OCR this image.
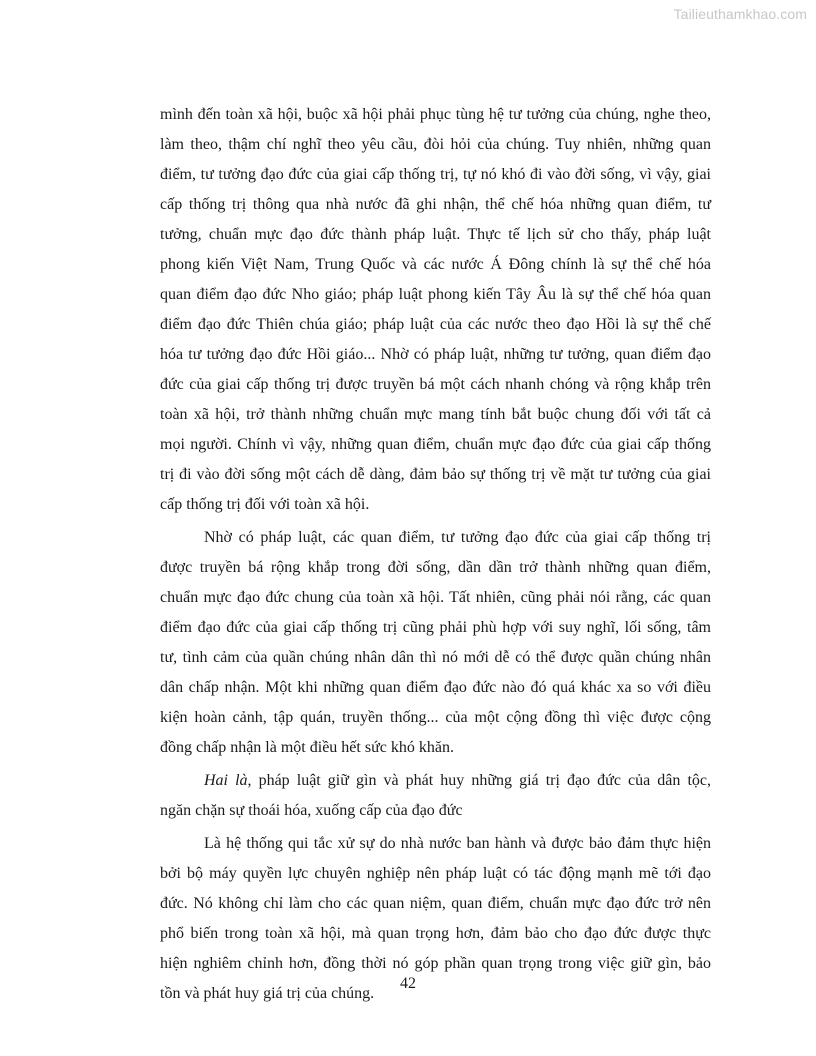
Tailieuthamkhao.com
mình đến toàn xã hội, buộc xã hội phải phục tùng hệ tư tưởng của chúng, nghe theo,
làm theo, thậm chí nghĩ theo yêu cầu, đòi hỏi của chúng. Tuy nhiên, những quan
điểm, tư tưởng đạo đức của giai cấp thống trị, tự nó khó đi vào đời sống, vì vậy, giai
cấp thống trị thông qua nhà nước đã ghi nhận, thể chế hóa những quan điểm, tư
tưởng, chuẩn mực đạo đức thành pháp luật. Thực tế lịch sử cho thấy, pháp luật
phong kiến Việt Nam, Trung Quốc và các nước Á Đông chính là sự thể chế hóa
quan điểm đạo đức Nho giáo; pháp luật phong kiến Tây Âu là sự thể chế hóa quan
điểm đạo đức Thiên chúa giáo; pháp luật của các nước theo đạo Hồi là sự thể chế
hóa tư tưởng đạo đức Hồi giáo... Nhờ có pháp luật, những tư tưởng, quan điểm đạo
đức của giai cấp thống trị được truyền bá một cách nhanh chóng và rộng khắp trên
toàn xã hội, trở thành những chuẩn mực mang tính bắt buộc chung đối với tất cả
mọi người. Chính vì vậy, những quan điểm, chuẩn mực đạo đức của giai cấp thống
trị đi vào đời sống một cách dễ dàng, đảm bảo sự thống trị về mặt tư tưởng của giai
cấp thống trị đối với toàn xã hội.
Nhờ có pháp luật, các quan điểm, tư tưởng đạo đức của giai cấp thống trị
được truyền bá rộng khắp trong đời sống, dần dần trở thành những quan điểm,
chuẩn mực đạo đức chung của toàn xã hội. Tất nhiên, cũng phải nói rằng, các quan
điểm đạo đức của giai cấp thống trị cũng phải phù hợp với suy nghĩ, lối sống, tâm
tư, tình cảm của quần chúng nhân dân thì nó mới dễ có thể được quần chúng nhân
dân chấp nhận. Một khi những quan điểm đạo đức nào đó quá khác xa so với điều
kiện hoàn cảnh, tập quán, truyền thống... của một cộng đồng thì việc được cộng
đồng chấp nhận là một điều hết sức khó khăn.
Hai là, pháp luật giữ gìn và phát huy những giá trị đạo đức của dân tộc,
ngăn chặn sự thoái hóa, xuống cấp của đạo đức
Là hệ thống qui tắc xử sự do nhà nước ban hành và được bảo đảm thực hiện
bởi bộ máy quyền lực chuyên nghiệp nên pháp luật có tác động mạnh mẽ tới đạo
đức. Nó không chỉ làm cho các quan niệm, quan điểm, chuẩn mực đạo đức trở nên
phổ biến trong toàn xã hội, mà quan trọng hơn, đảm bảo cho đạo đức được thực
hiện nghiêm chỉnh hơn, đồng thời nó góp phần quan trọng trong việc giữ gìn, bảo
tồn và phát huy giá trị của chúng.
42
